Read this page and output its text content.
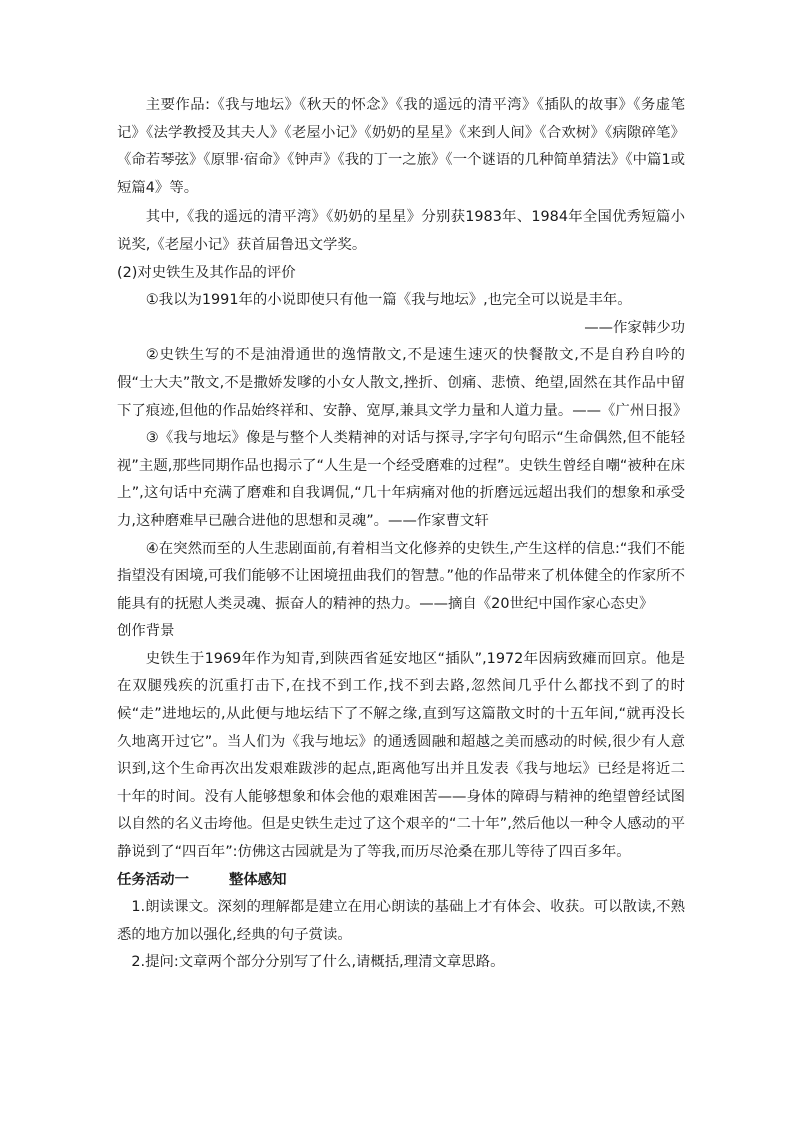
主要作品:《我与地坛》《秋天的怀念》《我的遥远的清平湾》《插队的故事》《务虚笔记》《法学教授及其夫人》《老屋小记》《奶奶的星星》《来到人间》《合欢树》《病隙碎笔》《命若琴弦》《原罪·宿命》《钟声》《我的丁一之旅》《一个谜语的几种简单猜法》《中篇1或短篇4》等。

其中,《我的遥远的清平湾》《奶奶的星星》分别获1983年、1984年全国优秀短篇小说奖,《老屋小记》获首届鲁迅文学奖。

(2)对史铁生及其作品的评价

①我以为1991年的小说即使只有他一篇《我与地坛》,也完全可以说是丰年。

——作家韩少功

②史铁生写的不是油滑通世的逸情散文,不是速生速灭的快餐散文,不是自矜自吟的假“士大夫”散文,不是撒娇发嗲的小女人散文,挫折、创痛、悲愤、绝望,固然在其作品中留下了痕迹,但他的作品始终祥和、安静、宽厚,兼具文学力量和人道力量。——《广州日报》

③《我与地坛》像是与整个人类精神的对话与探寻,字字句句昭示“生命偶然,但不能轻视”主题,那些同期作品也揭示了“人生是一个经受磨难的过程”。史铁生曾经自嘲“被种在床上”,这句话中充满了磨难和自我调侃,“几十年病痛对他的折磨远远超出我们的想象和承受力,这种磨难早已融合进他的思想和灵魂”。——作家曹文轩

④在突然而至的人生悲剧面前,有着相当文化修养的史铁生,产生这样的信息:“我们不能指望没有困境,可我们能够不让困境扭曲我们的智慧。”他的作品带来了机体健全的作家所不能具有的抚慰人类灵魂、振奋人的精神的热力。——摘自《20世纪中国作家心态史》

创作背景

史铁生于1969年作为知青,到陕西省延安地区“插队”,1972年因病致瘫而回京。他是在双腿残疾的沉重打击下,在找不到工作,找不到去路,忽然间几乎什么都找不到了的时候“走”进地坛的,从此便与地坛结下了不解之缘,直到写这篇散文时的十五年间,“就再没长久地离开过它”。当人们为《我与地坛》的通透圆融和超越之美而感动的时候,很少有人意识到,这个生命再次出发艰难跋涉的起点,距离他写出并且发表《我与地坛》已经是将近二十年的时间。没有人能够想象和体会他的艰难困苦——身体的障碍与精神的绝望曾经试图以自然的名义击垮他。但是史铁生走过了这个艰辛的“二十年”,然后他以一种令人感动的平静说到了“四百年”:仿佛这古园就是为了等我,而历尽沧桑在那儿等待了四百多年。

任务活动一	整体感知

1.朗读课文。深刻的理解都是建立在用心朗读的基础上才有体会、收获。可以散读,不熟悉的地方加以强化,经典的句子赏读。

2.提问:文章两个部分分别写了什么,请概括,理清文章思路。
